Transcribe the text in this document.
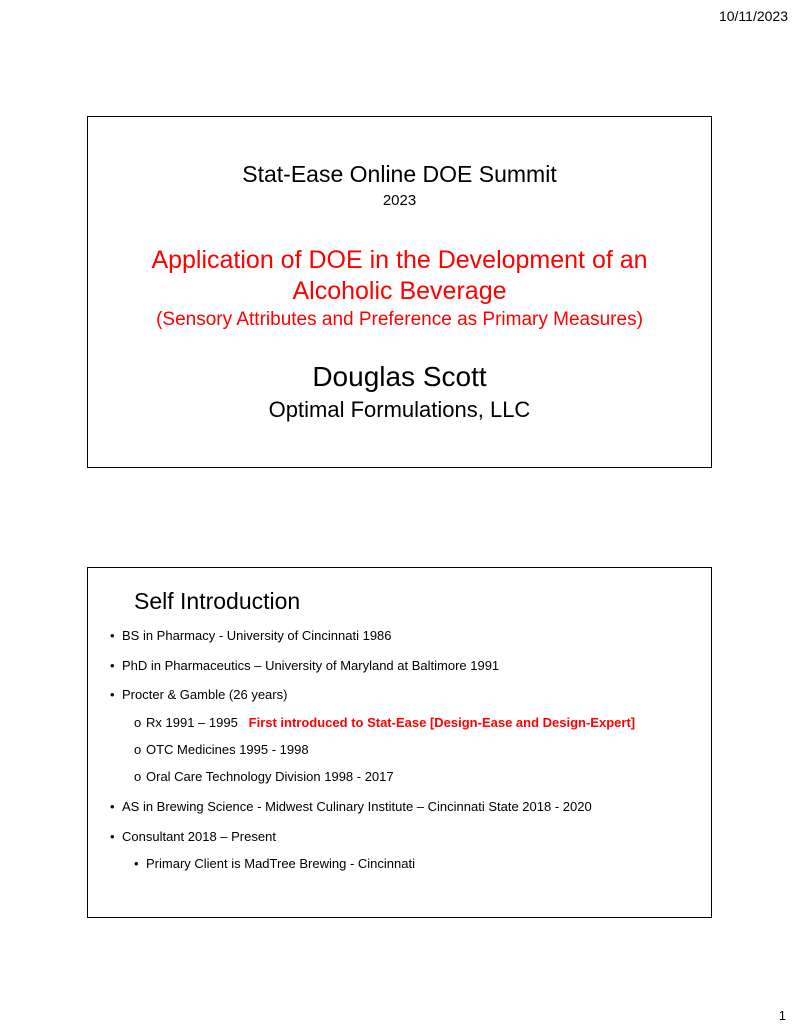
10/11/2023
Stat-Ease Online DOE Summit
2023
Application of DOE in the Development of an
Alcoholic Beverage
(Sensory Attributes and Preference as Primary Measures)
Douglas Scott
Optimal Formulations, LLC
Self Introduction
• BS in Pharmacy - University of Cincinnati 1986
• PhD in Pharmaceutics – University of Maryland at Baltimore 1991
• Procter & Gamble (26 years)
o Rx 1991 – 1995 First introduced to Stat-Ease [Design-Ease and Design-Expert]
o OTC Medicines 1995 - 1998
o Oral Care Technology Division 1998 - 2017
• AS in Brewing Science - Midwest Culinary Institute – Cincinnati State 2018 - 2020
• Consultant 2018 – Present
• Primary Client is MadTree Brewing - Cincinnati
1
